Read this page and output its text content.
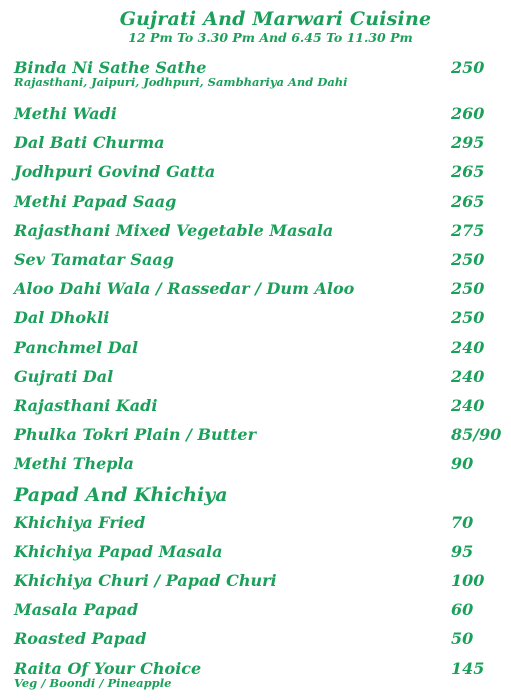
Gujrati And Marwari Cuisine
12 Pm To 3.30 Pm And 6.45 To 11.30 Pm
Binda Ni Sathe Sathe	250
Rajasthani, Jaipuri, Jodhpuri, Sambhariya And Dahi
Methi Wadi	260
Dal Bati Churma	295
Jodhpuri Govind Gatta	265
Methi Papad Saag	265
Rajasthani Mixed Vegetable Masala	275
Sev Tamatar Saag	250
Aloo Dahi Wala / Rassedar / Dum Aloo	250
Dal Dhokli	250
Panchmel Dal	240
Gujrati Dal	240
Rajasthani Kadi	240
Phulka Tokri Plain / Butter	85/90
Methi Thepla	90
Papad And Khichiya
Khichiya Fried	70
Khichiya Papad Masala	95
Khichiya Churi / Papad Churi	100
Masala Papad	60
Roasted Papad	50
Raita Of Your Choice	145
Veg / Boondi / Pineapple
